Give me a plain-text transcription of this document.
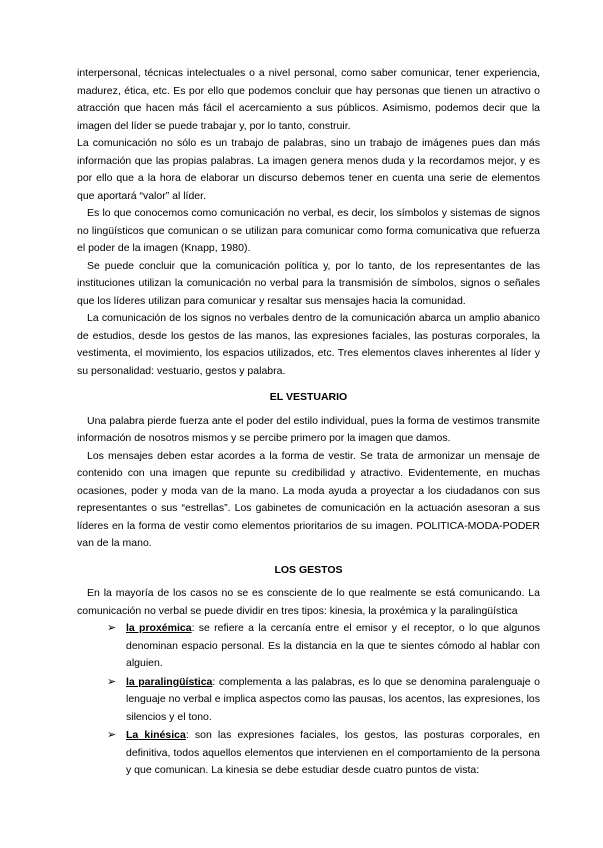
interpersonal, técnicas intelectuales o a nivel personal, como saber comunicar, tener experiencia, madurez, ética, etc. Es por ello que podemos concluir que hay personas que tienen un atractivo o atracción que hacen más fácil el acercamiento a sus públicos. Asimismo, podemos decir que la imagen del líder se puede trabajar y, por lo tanto, construir.

La comunicación no sólo es un trabajo de palabras, sino un trabajo de imágenes pues dan más información que las propias palabras. La imagen genera menos duda y la recordamos mejor, y es por ello que a la hora de elaborar un discurso debemos tener en cuenta una serie de elementos que aportará “valor” al líder.

Es lo que conocemos como comunicación no verbal, es decir, los símbolos y sistemas de signos no lingüísticos que comunican o se utilizan para comunicar como forma comunicativa que refuerza el poder de la imagen (Knapp, 1980).

Se puede concluir que la comunicación política y, por lo tanto, de los representantes de las instituciones utilizan la comunicación no verbal para la transmisión de símbolos, signos o señales que los líderes utilizan para comunicar y resaltar sus mensajes hacia la comunidad.

La comunicación de los signos no verbales dentro de la comunicación abarca un amplio abanico de estudios, desde los gestos de las manos, las expresiones faciales, las posturas corporales, la vestimenta, el movimiento, los espacios utilizados, etc. Tres elementos claves inherentes al líder y su personalidad: vestuario, gestos y palabra.

EL VESTUARIO

Una palabra pierde fuerza ante el poder del estilo individual, pues la forma de vestimos transmite información de nosotros mismos y se percibe primero por la imagen que damos.

Los mensajes deben estar acordes a la forma de vestir. Se trata de armonizar un mensaje de contenido con una imagen que repunte su credibilidad y atractivo. Evidentemente, en muchas ocasiones, poder y moda van de la mano. La moda ayuda a proyectar a los ciudadanos con sus representantes o sus “estrellas”. Los gabinetes de comunicación en la actuación asesoran a sus líderes en la forma de vestir como elementos prioritarios de su imagen. POLITICA-MODA-PODER van de la mano.

LOS GESTOS

En la mayoría de los casos no se es consciente de lo que realmente se está comunicando. La comunicación no verbal se puede dividir en tres tipos: kinesia, la proxémica y la paralingüística

➢ la proxémica: se refiere a la cercanía entre el emisor y el receptor, o lo que algunos denominan espacio personal. Es la distancia en la que te sientes cómodo al hablar con alguien.
➢ la paralingüística: complementa a las palabras, es lo que se denomina paralenguaje o lenguaje no verbal e implica aspectos como las pausas, los acentos, las expresiones, los silencios y el tono.
➢ La kinésica: son las expresiones faciales, los gestos, las posturas corporales, en definitiva, todos aquellos elementos que intervienen en el comportamiento de la persona y que comunican. La kinesia se debe estudiar desde cuatro puntos de vista:
